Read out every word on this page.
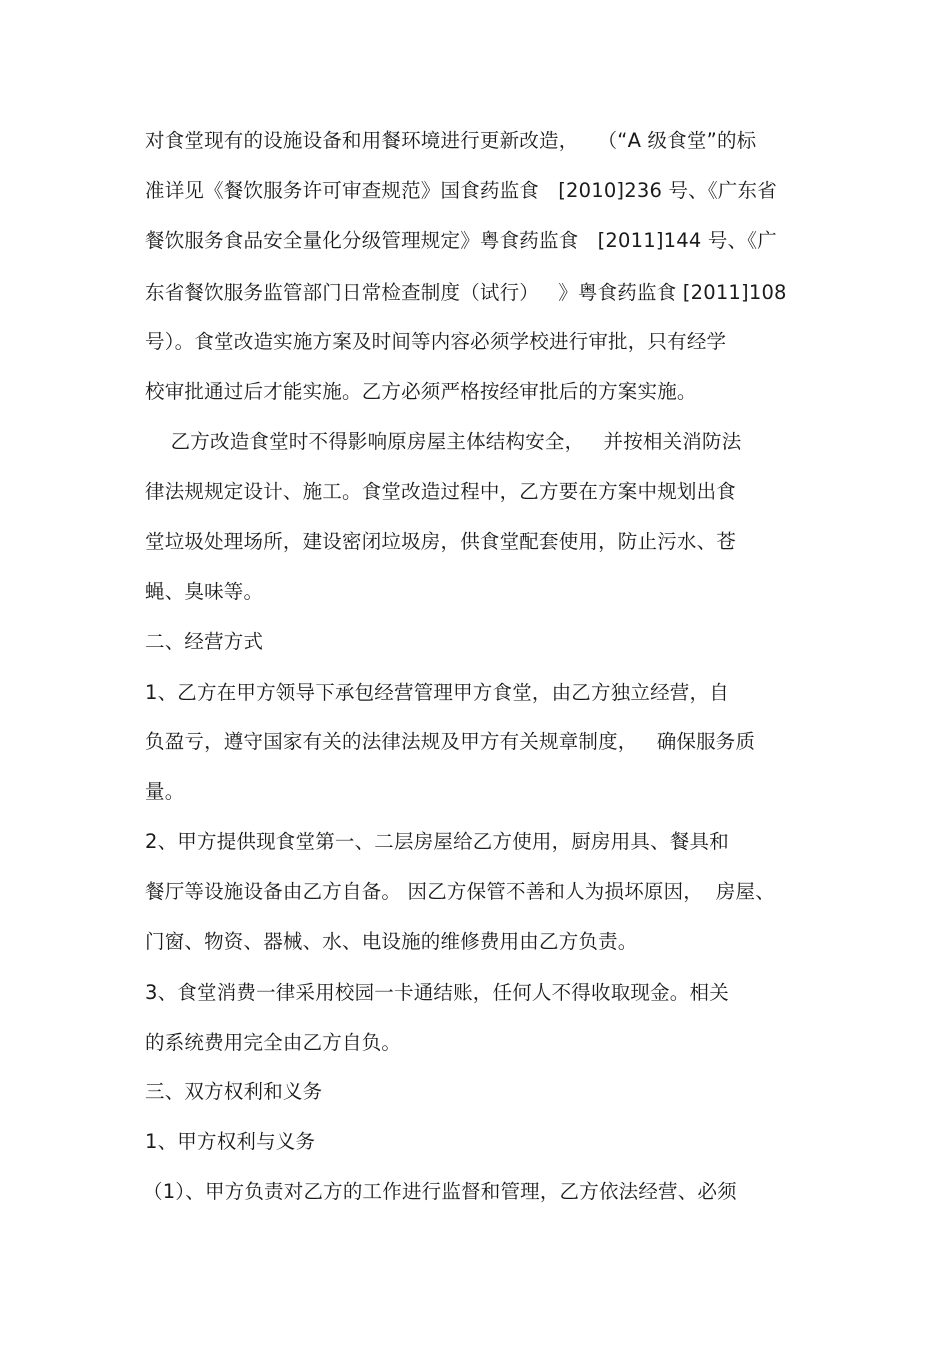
对食堂现有的设施设备和用餐环境进行更新改造，   （“A 级食堂”的标
准详见《餐饮服务许可审查规范》国食药监食   [2010]236 号、《广东省
餐饮服务食品安全量化分级管理规定》粤食药监食   [2011]144 号、《广
东省餐饮服务监管部门日常检查制度（试行）   》粤食药监食 [2011]108
号）。食堂改造实施方案及时间等内容必须学校进行审批，只有经学
校审批通过后才能实施。乙方必须严格按经审批后的方案实施。
乙方改造食堂时不得影响原房屋主体结构安全，   并按相关消防法
律法规规定设计、施工。食堂改造过程中，乙方要在方案中规划出食
堂垃圾处理场所，建设密闭垃圾房，供食堂配套使用，防止污水、苍
蝇、臭味等。
二、经营方式
1、乙方在甲方领导下承包经营管理甲方食堂，由乙方独立经营，自
负盈亏，遵守国家有关的法律法规及甲方有关规章制度，   确保服务质
量。
2、甲方提供现食堂第一、二层房屋给乙方使用，厨房用具、餐具和
餐厅等设施设备由乙方自备。 因乙方保管不善和人为损坏原因，  房屋、
门窗、物资、器械、水、电设施的维修费用由乙方负责。
3、食堂消费一律采用校园一卡通结账，任何人不得收取现金。相关
的系统费用完全由乙方自负。
三、双方权利和义务
1、甲方权利与义务
（1）、甲方负责对乙方的工作进行监督和管理，乙方依法经营、必须
